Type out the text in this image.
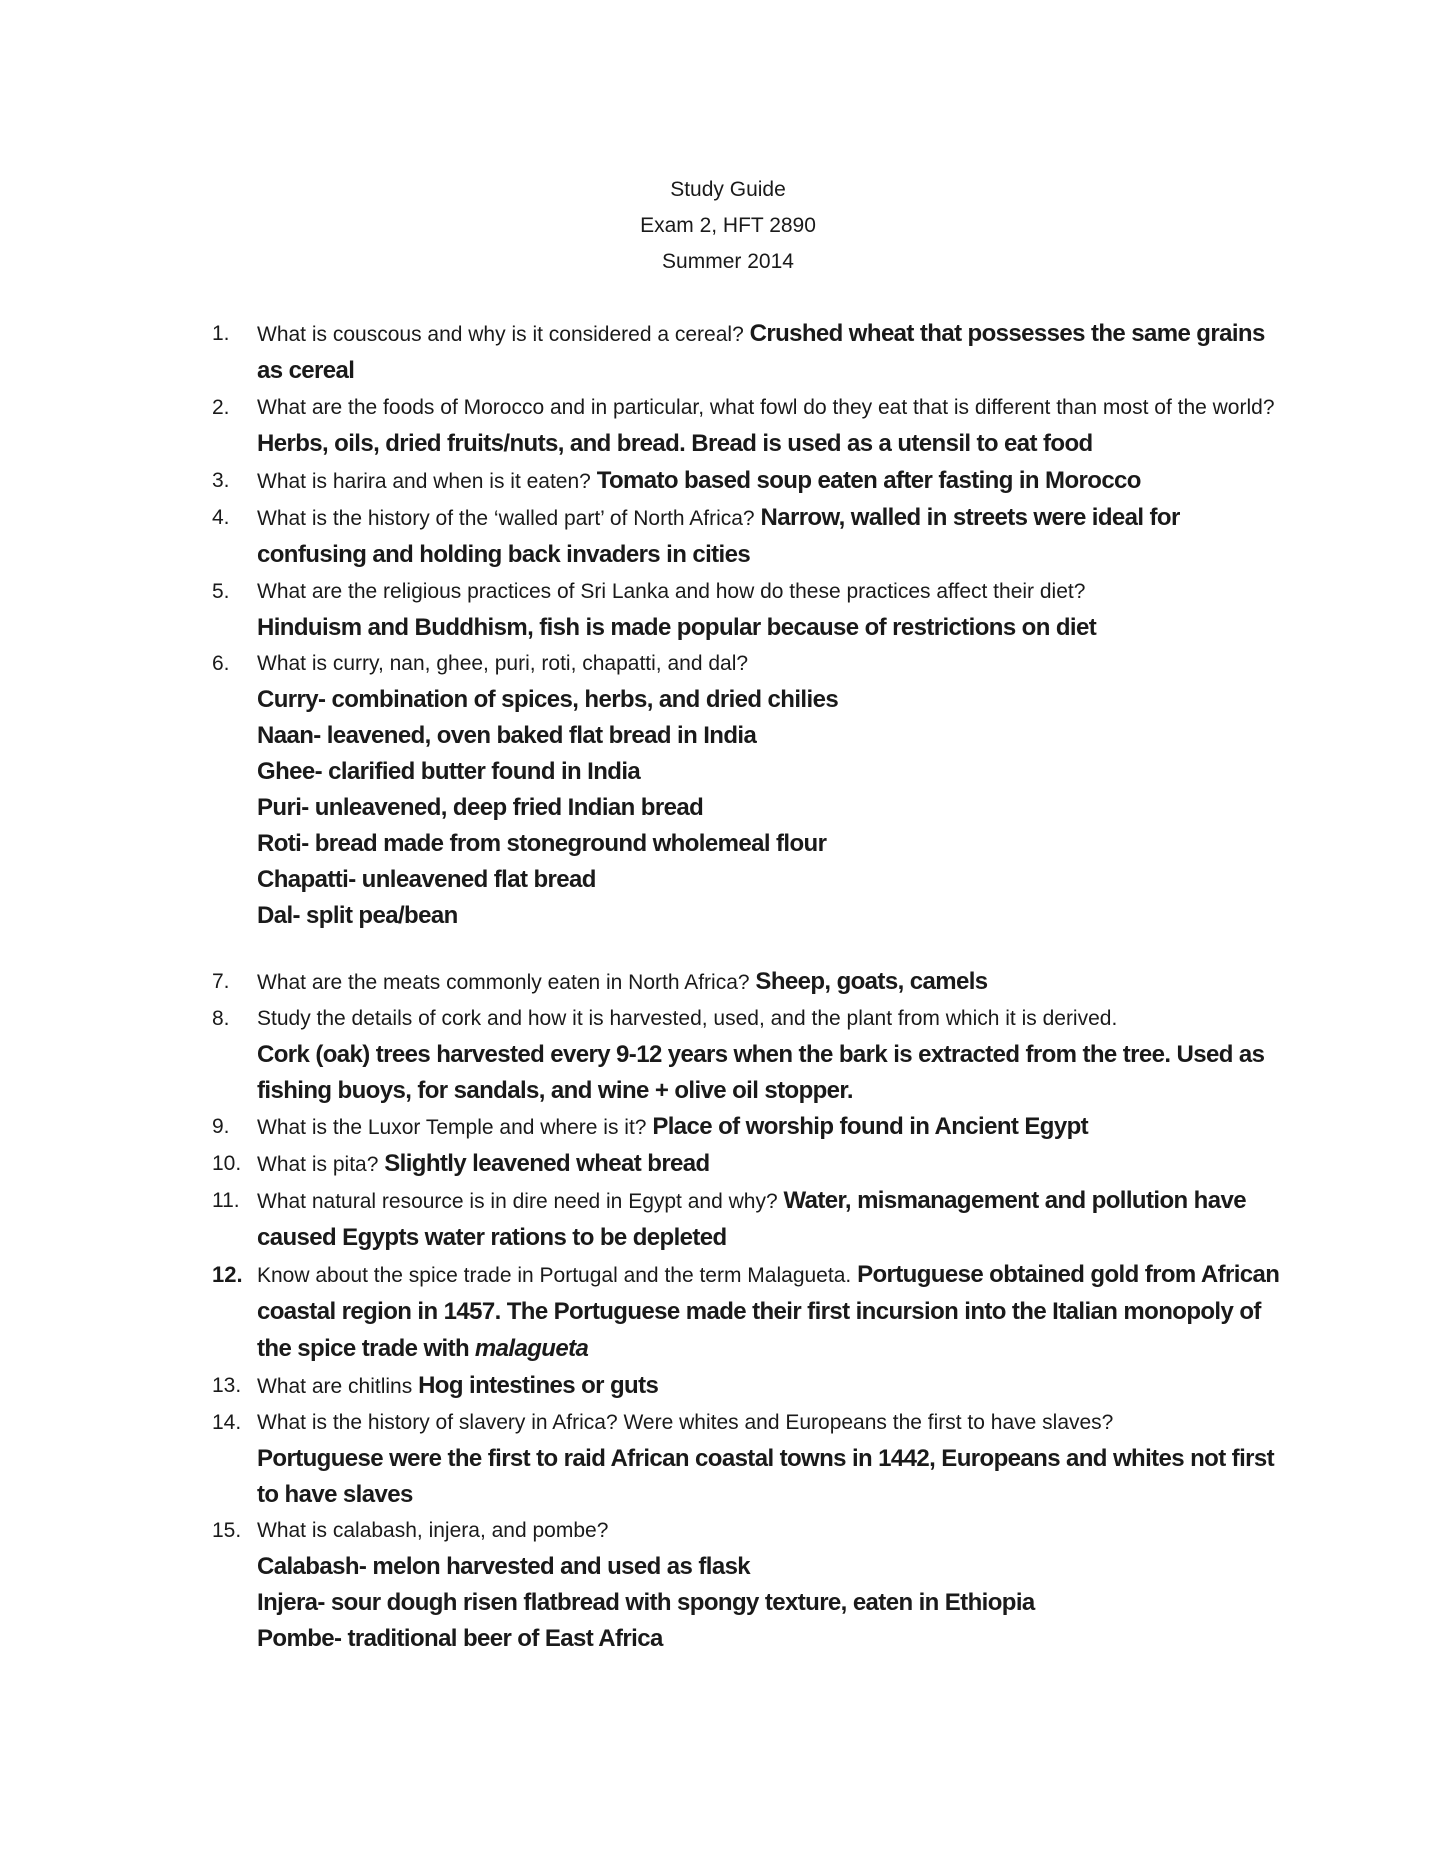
Study Guide
Exam 2, HFT 2890
Summer 2014
1. What is couscous and why is it considered a cereal? Crushed wheat that possesses the same grains as cereal
2. What are the foods of Morocco and in particular, what fowl do they eat that is different than most of the world? Herbs, oils, dried fruits/nuts, and bread. Bread is used as a utensil to eat food
3. What is harira and when is it eaten? Tomato based soup eaten after fasting in Morocco
4. What is the history of the ‘walled part’ of North Africa? Narrow, walled in streets were ideal for confusing and holding back invaders in cities
5. What are the religious practices of Sri Lanka and how do these practices affect their diet?
Hinduism and Buddhism, fish is made popular because of restrictions on diet
6. What is curry, nan, ghee, puri, roti, chapatti, and dal?
Curry- combination of spices, herbs, and dried chilies
Naan- leavened, oven baked flat bread in India
Ghee- clarified butter found in India
Puri- unleavened, deep fried Indian bread
Roti- bread made from stoneground wholemeal flour
Chapatti- unleavened flat bread
Dal- split pea/bean
7. What are the meats commonly eaten in North Africa? Sheep, goats, camels
8. Study the details of cork and how it is harvested, used, and the plant from which it is derived.
Cork (oak) trees harvested every 9-12 years when the bark is extracted from the tree. Used as fishing buoys, for sandals, and wine + olive oil stopper.
9. What is the Luxor Temple and where is it? Place of worship found in Ancient Egypt
10. What is pita? Slightly leavened wheat bread
11. What natural resource is in dire need in Egypt and why? Water, mismanagement and pollution have caused Egypts water rations to be depleted
12. Know about the spice trade in Portugal and the term Malagueta. Portuguese obtained gold from African coastal region in 1457. The Portuguese made their first incursion into the Italian monopoly of the spice trade with malagueta
13. What are chitlins Hog intestines or guts
14. What is the history of slavery in Africa? Were whites and Europeans the first to have slaves?
Portuguese were the first to raid African coastal towns in 1442, Europeans and whites not first to have slaves
15. What is calabash, injera, and pombe?
Calabash- melon harvested and used as flask
Injera- sour dough risen flatbread with spongy texture, eaten in Ethiopia
Pombe- traditional beer of East Africa
